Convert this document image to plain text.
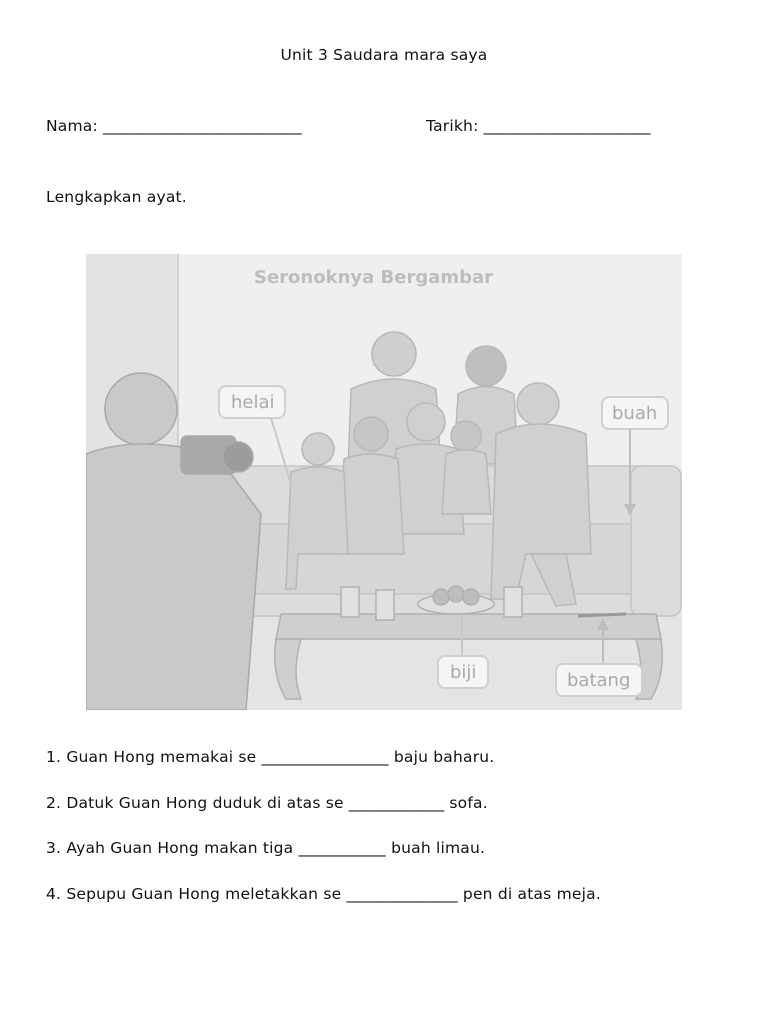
Unit 3 Saudara mara saya
Nama: _________________________	Tarikh: _____________________
Lengkapkan ayat.
Seronoknya Bergambar
helai
buah
biji	batang
1. Guan Hong memakai se ________________ baju baharu.
2. Datuk Guan Hong duduk di atas se ____________ sofa.
3. Ayah Guan Hong makan tiga ___________ buah limau.
4. Sepupu Guan Hong meletakkan se ______________ pen di atas meja.
